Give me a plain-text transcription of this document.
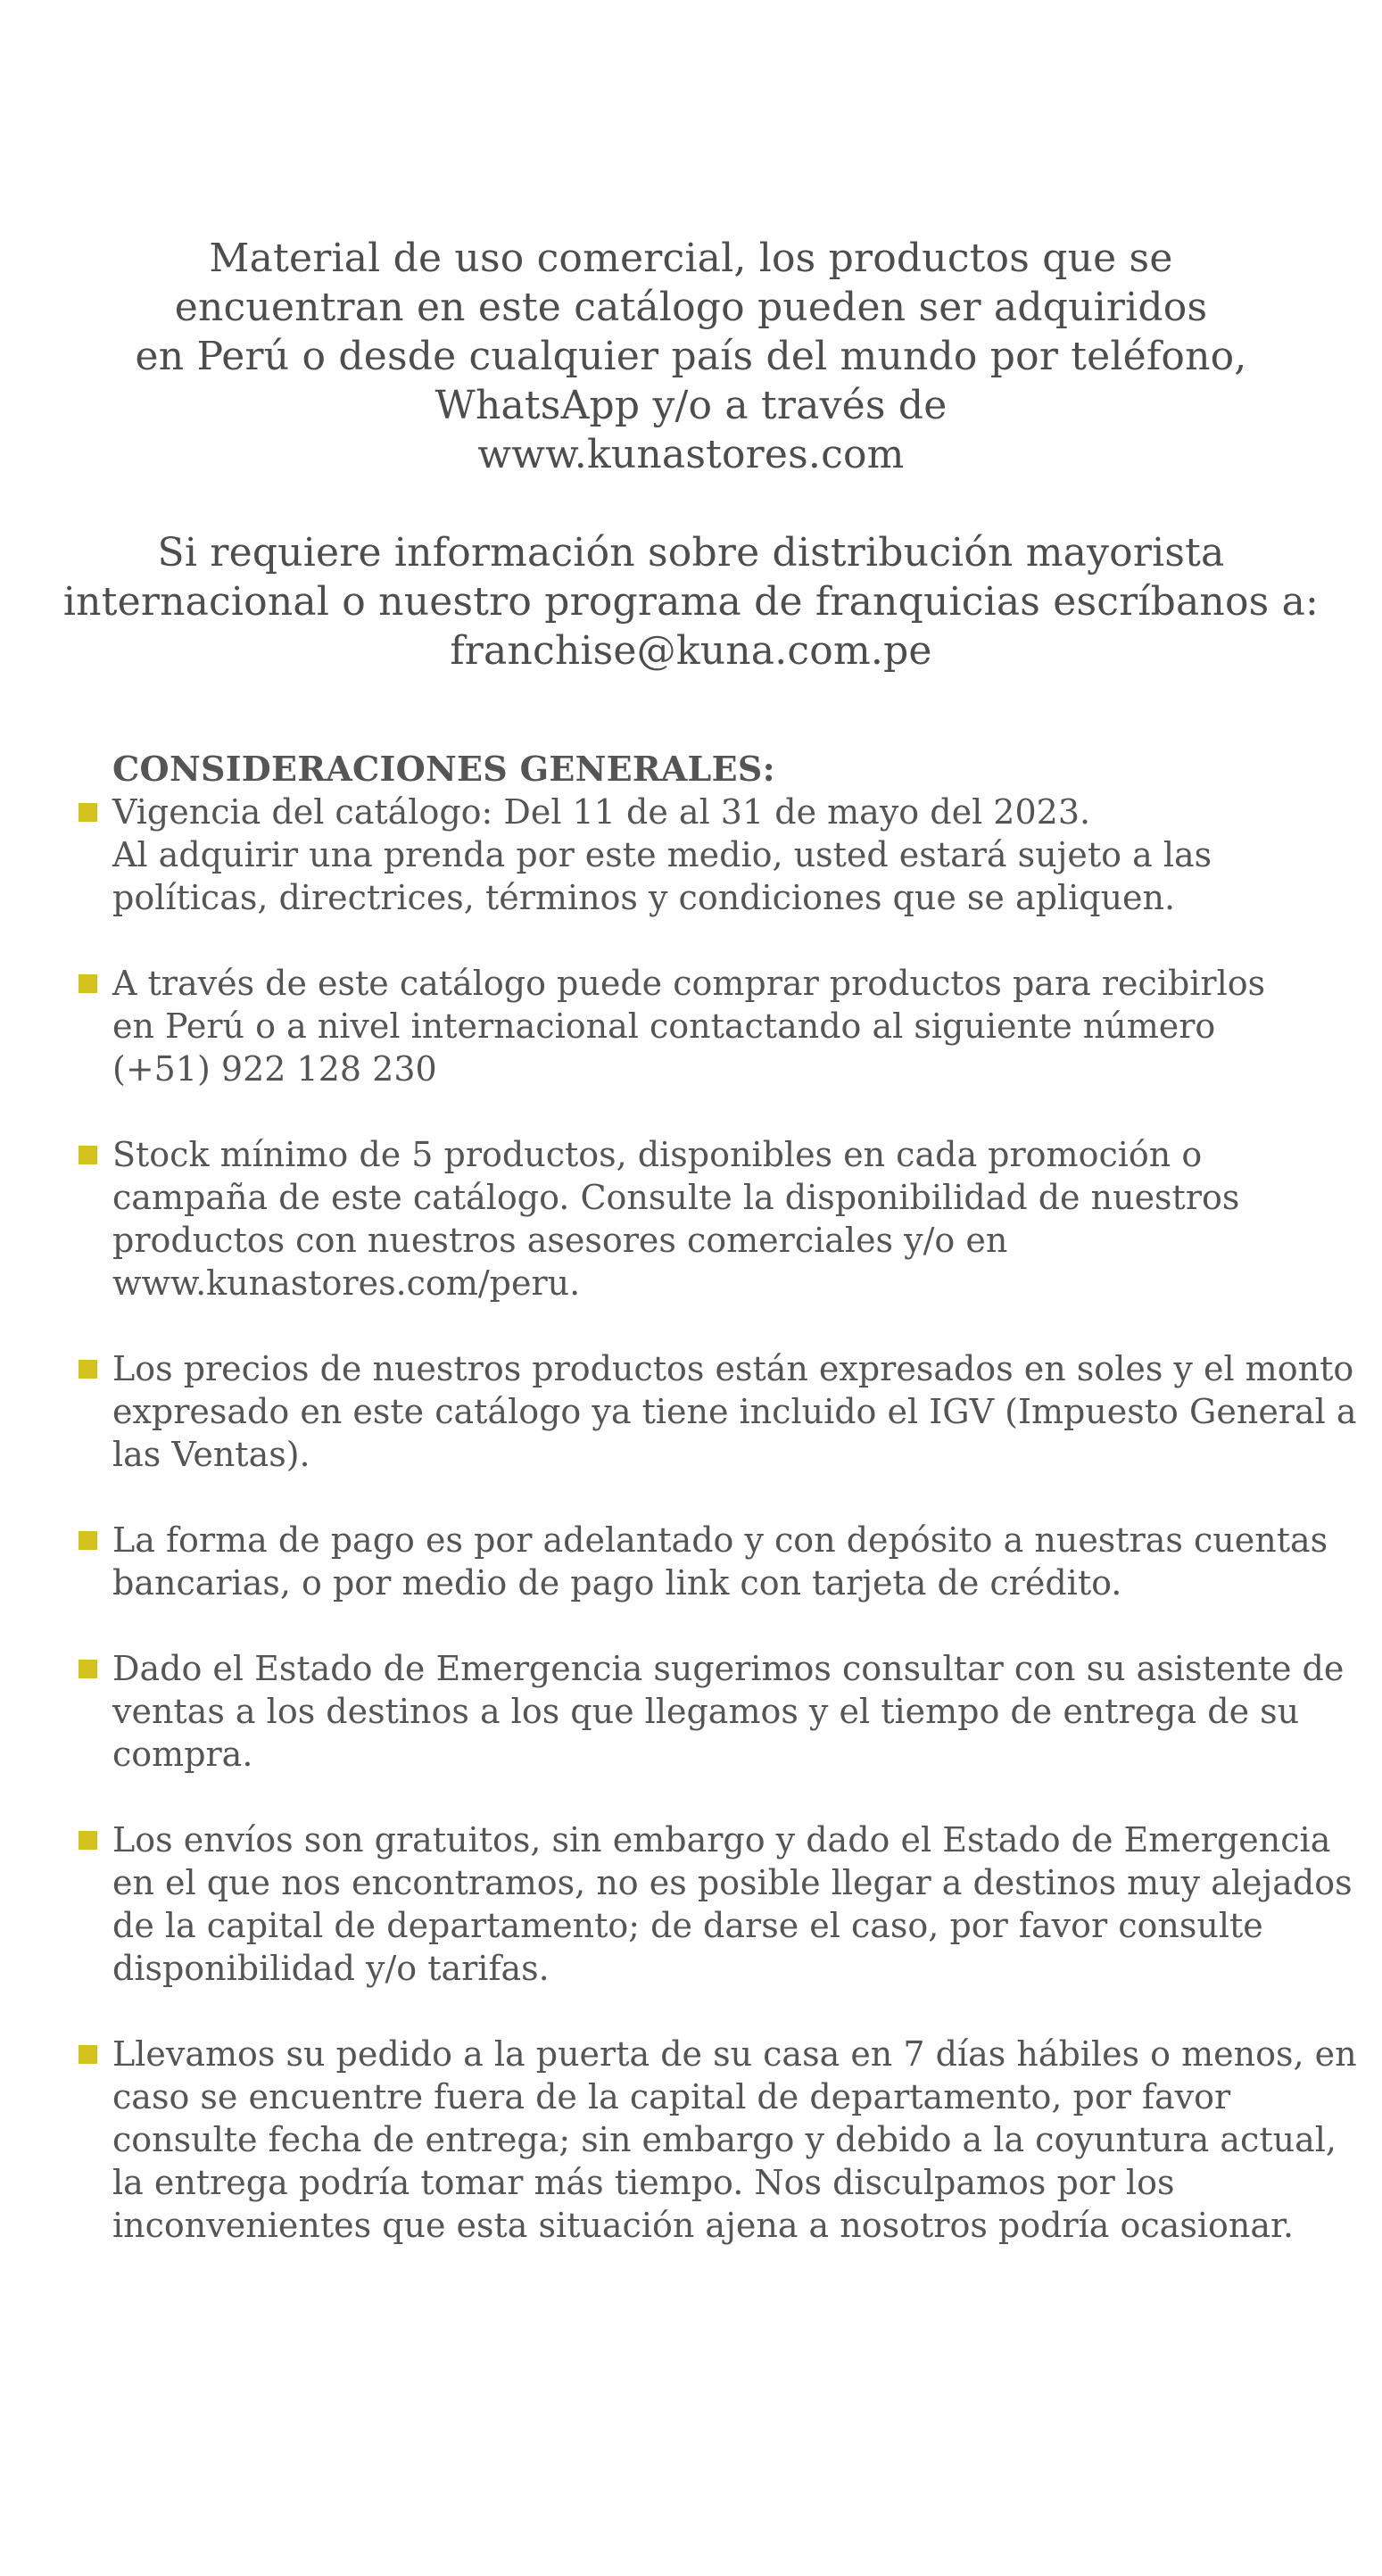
Material de uso comercial, los productos que se
encuentran en este catálogo pueden ser adquiridos
en Perú o desde cualquier país del mundo por teléfono,
WhatsApp y/o a través de
www.kunastores.com

Si requiere información sobre distribución mayorista
internacional o nuestro programa de franquicias escríbanos a:
franchise@kuna.com.pe

CONSIDERACIONES GENERALES:
Vigencia del catálogo: Del 11 de al 31 de mayo del 2023.
Al adquirir una prenda por este medio, usted estará sujeto a las
políticas, directrices, términos y condiciones que se apliquen.
A través de este catálogo puede comprar productos para recibirlos
en Perú o a nivel internacional contactando al siguiente número
(+51) 922 128 230
Stock mínimo de 5 productos, disponibles en cada promoción o
campaña de este catálogo. Consulte la disponibilidad de nuestros
productos con nuestros asesores comerciales y/o en
www.kunastores.com/peru.
Los precios de nuestros productos están expresados en soles y el monto
expresado en este catálogo ya tiene incluido el IGV (Impuesto General a
las Ventas).
La forma de pago es por adelantado y con depósito a nuestras cuentas
bancarias, o por medio de pago link con tarjeta de crédito.
Dado el Estado de Emergencia sugerimos consultar con su asistente de
ventas a los destinos a los que llegamos y el tiempo de entrega de su
compra.
Los envíos son gratuitos, sin embargo y dado el Estado de Emergencia
en el que nos encontramos, no es posible llegar a destinos muy alejados
de la capital de departamento; de darse el caso, por favor consulte
disponibilidad y/o tarifas.
Llevamos su pedido a la puerta de su casa en 7 días hábiles o menos, en
caso se encuentre fuera de la capital de departamento, por favor
consulte fecha de entrega; sin embargo y debido a la coyuntura actual,
la entrega podría tomar más tiempo. Nos disculpamos por los
inconvenientes que esta situación ajena a nosotros podría ocasionar.
